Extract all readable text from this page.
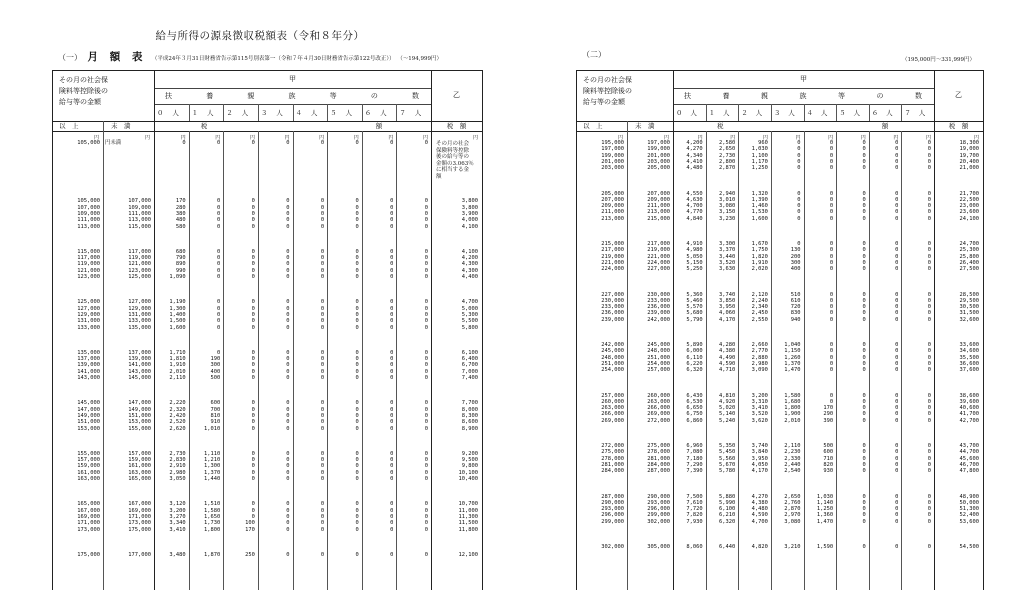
給与所得の源泉徴収税額表（令和８年分）
（一） 月 額 表 （平成24年３月31日財務省告示第115号別表第一（令和７年４月30日財務省告示第122号改正）） （～194,999円）	（二）
（195,000円～331,999円）
その月の社会保
険料等控除後の
給与等の金額
甲
扶	養	親	族	等	の	数
０ 人 １ 人 ２ 人 ３ 人 ４ 人 ５ 人 ６ 人 ７ 人
乙
以　上	未　満	税	額	税　額
円	円	円	円	円	円	円	円	円	円	円
105,000 円未満	0	0	0	0	0	0	0	0
105,000	107,000	170	0	0	0	0	0	0	0	3,800
107,000	109,000	280	0	0	0	0	0	0	0	3,800
109,000	111,000	380	0	0	0	0	0	0	0	3,900
111,000	113,000	480	0	0	0	0	0	0	0	4,000
113,000	115,000	580	0	0	0	0	0	0	0	4,100
115,000	117,000	680	0	0	0	0	0	0	0	4,100
117,000	119,000	790	0	0	0	0	0	0	0	4,200
119,000	121,000	890	0	0	0	0	0	0	0	4,300
121,000	123,000	990	0	0	0	0	0	0	0	4,300
123,000	125,000	1,090	0	0	0	0	0	0	0	4,400
125,000	127,000	1,190	0	0	0	0	0	0	0	4,700
127,000	129,000	1,300	0	0	0	0	0	0	0	5,000
129,000	131,000	1,400	0	0	0	0	0	0	0	5,300
131,000	133,000	1,500	0	0	0	0	0	0	0	5,500
133,000	135,000	1,600	0	0	0	0	0	0	0	5,800
135,000	137,000	1,710	0	0	0	0	0	0	0	6,100
137,000	139,000	1,810	190	0	0	0	0	0	0	6,400
139,000	141,000	1,910	300	0	0	0	0	0	0	6,700
141,000	143,000	2,010	400	0	0	0	0	0	0	7,000
143,000	145,000	2,110	500	0	0	0	0	0	0	7,400
145,000	147,000	2,220	600	0	0	0	0	0	0	7,700
147,000	149,000	2,320	700	0	0	0	0	0	0	8,000
149,000	151,000	2,420	810	0	0	0	0	0	0	8,300
151,000	153,000	2,520	910	0	0	0	0	0	0	8,600
153,000	155,000	2,620	1,010	0	0	0	0	0	0	8,900
155,000	157,000	2,730	1,110	0	0	0	0	0	0	9,200
157,000	159,000	2,830	1,210	0	0	0	0	0	0	9,500
159,000	161,000	2,910	1,300	0	0	0	0	0	0	9,800
161,000	163,000	2,980	1,370	0	0	0	0	0	0	10,100
163,000	165,000	3,050	1,440	0	0	0	0	0	0	10,400
165,000	167,000	3,120	1,510	0	0	0	0	0	0	10,700
167,000	169,000	3,200	1,580	0	0	0	0	0	0	11,000
169,000	171,000	3,270	1,650	0	0	0	0	0	0	11,300
171,000	173,000	3,340	1,730	100	0	0	0	0	0	11,500
173,000	175,000	3,410	1,800	170	0	0	0	0	0	11,800
175,000	177,000	3,480	1,870	250	0	0	0	0	0	12,100
その月の社会保険料等控除後の給与等の金額の3.063％に相当する金額
その月の社会保
険料等控除後の
給与等の金額
甲
扶	養	親	族	等	の	数
０ 人 １ 人 ２ 人 ３ 人 ４ 人 ５ 人 ６ 人 ７ 人
乙
以　上	未　満	税	額	税　額
円	円	円	円	円	円	円	円	円	円	円
195,000	197,000	4,200	2,580	960	0	0	0	0	0	18,300
197,000	199,000	4,270	2,650	1,030	0	0	0	0	0	19,000
199,000	201,000	4,340	2,730	1,100	0	0	0	0	0	19,700
201,000	203,000	4,410	2,800	1,170	0	0	0	0	0	20,400
203,000	205,000	4,480	2,870	1,250	0	0	0	0	0	21,000
205,000	207,000	4,550	2,940	1,320	0	0	0	0	0	21,700
207,000	209,000	4,630	3,010	1,390	0	0	0	0	0	22,500
209,000	211,000	4,700	3,080	1,460	0	0	0	0	0	23,000
211,000	213,000	4,770	3,150	1,530	0	0	0	0	0	23,600
213,000	215,000	4,840	3,230	1,600	0	0	0	0	0	24,100
215,000	217,000	4,910	3,300	1,670	0	0	0	0	0	24,700
217,000	219,000	4,980	3,370	1,750	130	0	0	0	0	25,300
219,000	221,000	5,050	3,440	1,820	200	0	0	0	0	25,800
221,000	224,000	5,150	3,520	1,910	300	0	0	0	0	26,400
224,000	227,000	5,250	3,630	2,020	400	0	0	0	0	27,500
227,000	230,000	5,360	3,740	2,120	510	0	0	0	0	28,500
230,000	233,000	5,460	3,850	2,240	610	0	0	0	0	29,500
233,000	236,000	5,570	3,950	2,340	720	0	0	0	0	30,500
236,000	239,000	5,680	4,060	2,450	830	0	0	0	0	31,500
239,000	242,000	5,790	4,170	2,550	940	0	0	0	0	32,600
242,000	245,000	5,890	4,280	2,660	1,040	0	0	0	0	33,600
245,000	248,000	6,000	4,380	2,770	1,150	0	0	0	0	34,600
248,000	251,000	6,110	4,490	2,880	1,260	0	0	0	0	35,500
251,000	254,000	6,220	4,590	2,980	1,370	0	0	0	0	36,600
254,000	257,000	6,320	4,710	3,090	1,470	0	0	0	0	37,600
257,000	260,000	6,430	4,810	3,200	1,580	0	0	0	0	38,600
260,000	263,000	6,530	4,920	3,310	1,680	0	0	0	0	39,600
263,000	266,000	6,650	5,020	3,410	1,800	170	0	0	0	40,600
266,000	269,000	6,750	5,140	3,520	1,900	290	0	0	0	41,700
269,000	272,000	6,860	5,240	3,620	2,010	390	0	0	0	42,700
272,000	275,000	6,960	5,350	3,740	2,110	500	0	0	0	43,700
275,000	278,000	7,080	5,450	3,840	2,230	600	0	0	0	44,700
278,000	281,000	7,180	5,560	3,950	2,330	710	0	0	0	45,600
281,000	284,000	7,290	5,670	4,050	2,440	820	0	0	0	46,700
284,000	287,000	7,390	5,780	4,170	2,540	930	0	0	0	47,800
287,000	290,000	7,500	5,880	4,270	2,650	1,030	0	0	0	48,900
290,000	293,000	7,610	5,990	4,380	2,760	1,140	0	0	0	50,000
293,000	296,000	7,720	6,100	4,480	2,870	1,250	0	0	0	51,300
296,000	299,000	7,820	6,210	4,590	2,970	1,360	0	0	0	52,400
299,000	302,000	7,930	6,320	4,700	3,080	1,470	0	0	0	53,600
302,000	305,000	8,060	6,440	4,820	3,210	1,590	0	0	0	54,500
